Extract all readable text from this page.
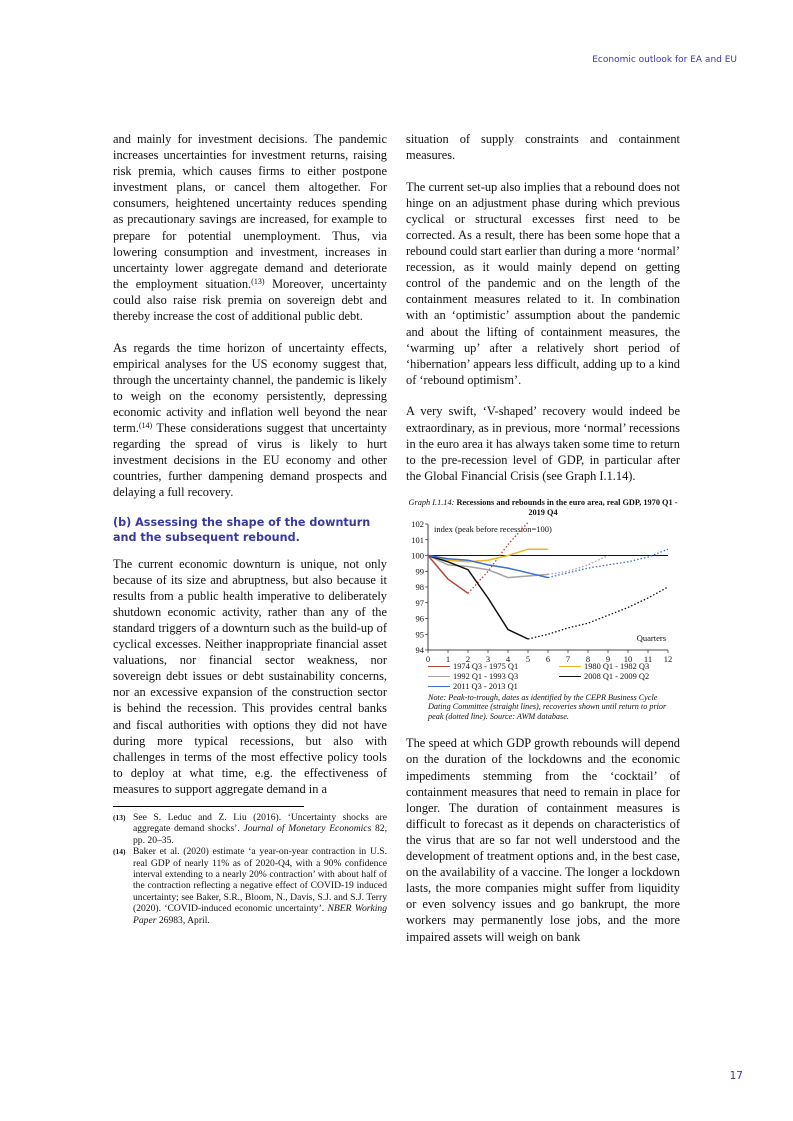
Economic outlook for EA and EU

and mainly for investment decisions. The pandemic increases uncertainties for investment returns, raising risk premia, which causes firms to either postpone investment plans, or cancel them altogether. For consumers, heightened uncertainty reduces spending as precautionary savings are increased, for example to prepare for potential unemployment. Thus, via lowering consumption and investment, increases in uncertainty lower aggregate demand and deteriorate the employment situation.$^{(13)}$ Moreover, uncertainty could also raise risk premia on sovereign debt and thereby increase the cost of additional public debt.

As regards the time horizon of uncertainty effects, empirical analyses for the US economy suggest that, through the uncertainty channel, the pandemic is likely to weigh on the economy persistently, depressing economic activity and inflation well beyond the near term.$^{(14)}$ These considerations suggest that uncertainty regarding the spread of virus is likely to hurt investment decisions in the EU economy and other countries, further dampening demand prospects and delaying a full recovery.

(b) Assessing the shape of the downturn and the subsequent rebound.

The current economic downturn is unique, not only because of its size and abruptness, but also because it results from a public health imperative to deliberately shutdown economic activity, rather than any of the standard triggers of a downturn such as the build-up of cyclical excesses. Neither inappropriate financial asset valuations, nor financial sector weakness, nor sovereign debt issues or debt sustainability concerns, nor an excessive expansion of the construction sector is behind the recession. This provides central banks and fiscal authorities with options they did not have during more typical recessions, but also with challenges in terms of the most effective policy tools to deploy at what time, e.g. the effectiveness of measures to support aggregate demand in a

(13) See S. Leduc and Z. Liu (2016). ‘Uncertainty shocks are aggregate demand shocks’. Journal of Monetary Economics 82, pp. 20–35.
(14) Baker et al. (2020) estimate ‘a year-on-year contraction in U.S. real GDP of nearly 11% as of 2020-Q4, with a 90% confidence interval extending to a nearly 20% contraction’ with about half of the contraction reflecting a negative effect of COVID-19 induced uncertainty; see Baker, S.R., Bloom, N., Davis, S.J. and S.J. Terry (2020). ‘COVID-induced economic uncertainty’. NBER Working Paper 26983, April.

situation of supply constraints and containment measures.

The current set-up also implies that a rebound does not hinge on an adjustment phase during which previous cyclical or structural excesses first need to be corrected. As a result, there has been some hope that a rebound could start earlier than during a more ‘normal’ recession, as it would mainly depend on getting control of the pandemic and on the length of the containment measures related to it. In combination with an ‘optimistic’ assumption about the pandemic and about the lifting of containment measures, the ‘warming up’ after a relatively short period of ‘hibernation’ appears less difficult, adding up to a kind of ‘rebound optimism’.

A very swift, ‘V-shaped’ recovery would indeed be extraordinary, as in previous, more ‘normal’ recessions in the euro area it has always taken some time to return to the pre-recession level of GDP, in particular after the Global Financial Crisis (see Graph I.1.14).

Graph I.1.14: Recessions and rebounds in the euro area, real GDP, 1970 Q1 - 2019 Q4
94
95
96
97
98
99
100
101
102
0 1 2 3 4 5 6 7 8 9 10 11 12
index (peak before recession=100)
Quarters
1974 Q3 - 1975 Q1	1980 Q1 - 1982 Q3
1992 Q1 - 1993 Q3	2008 Q1 - 2009 Q2
2011 Q3 - 2013 Q1
Note: Peak-to-trough, dates as identified by the CEPR Business Cycle Dating Committee (straight lines), recoveries shown until return to prior peak (dotted line). Source: AWM database.

The speed at which GDP growth rebounds will depend on the duration of the lockdowns and the economic impediments stemming from the ‘cocktail’ of containment measures that need to remain in place for longer. The duration of containment measures is difficult to forecast as it depends on characteristics of the virus that are so far not well understood and the development of treatment options and, in the best case, on the availability of a vaccine. The longer a lockdown lasts, the more companies might suffer from liquidity or even solvency issues and go bankrupt, the more workers may permanently lose jobs, and the more impaired assets will weigh on bank

17
